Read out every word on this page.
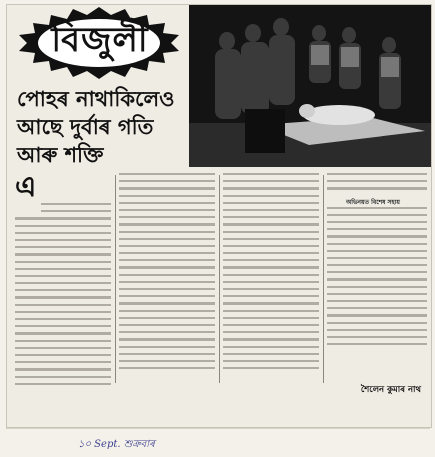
বিজুলী
পোহৰ নাথাকিলেও
আছে দুৰ্বাৰ গতি
আৰু শক্তি
এ	অভিনয়ত বিশেষ সহায়
শৈলেন কুমাৰ নাথ
১০ Sept. শুক্ৰবাৰ
